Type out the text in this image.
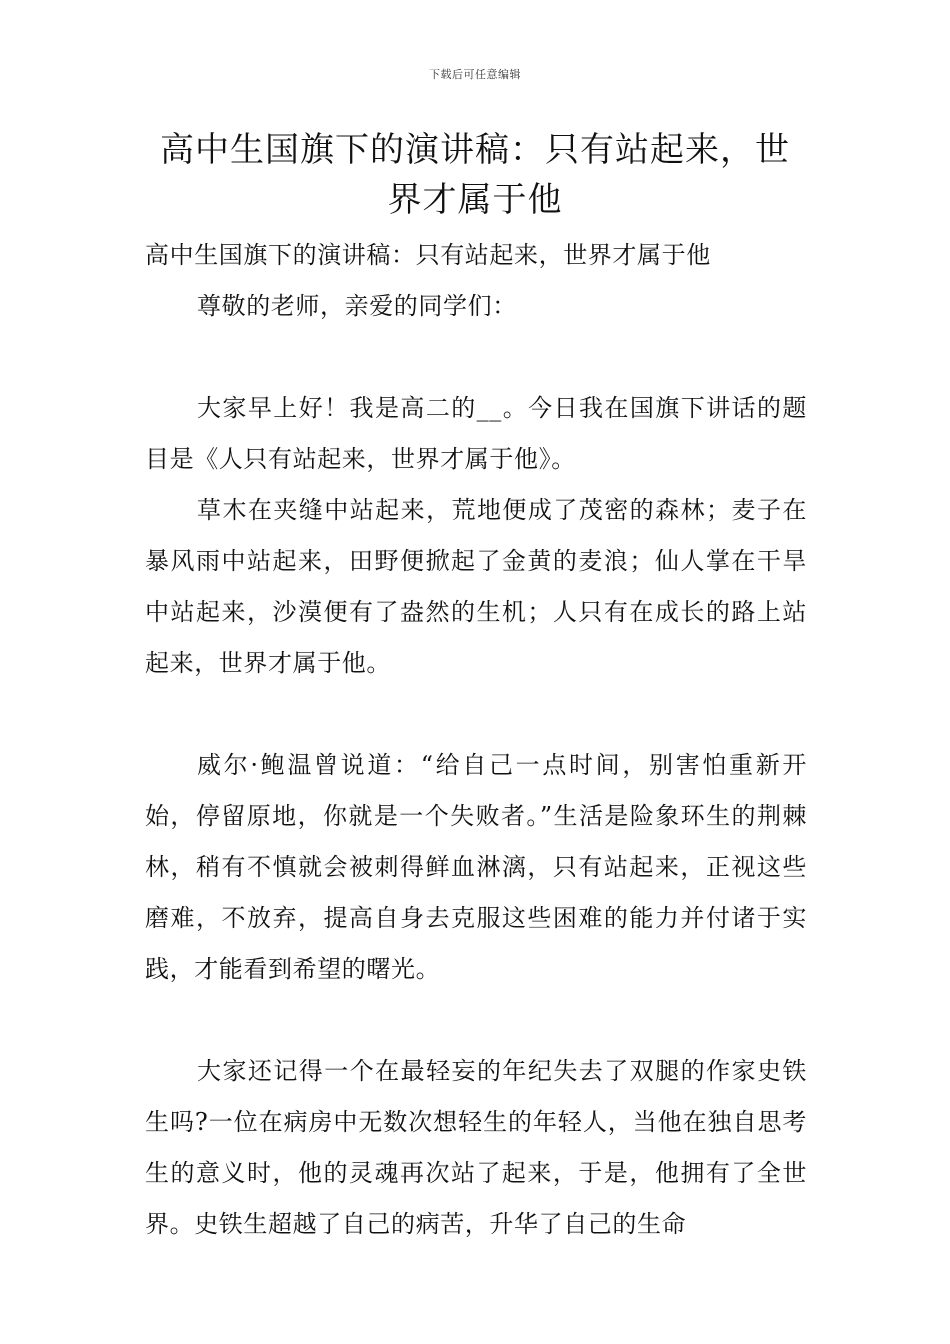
下载后可任意编辑
高中生国旗下的演讲稿：只有站起来，世界才属于他

高中生国旗下的演讲稿：只有站起来，世界才属于他

尊敬的老师，亲爱的同学们：

大家早上好！我是高二的__。今日我在国旗下讲话的题目是《人只有站起来，世界才属于他》。

草木在夹缝中站起来，荒地便成了茂密的森林；麦子在暴风雨中站起来，田野便掀起了金黄的麦浪；仙人掌在干旱中站起来，沙漠便有了盎然的生机；人只有在成长的路上站起来，世界才属于他。

威尔·鲍温曾说道：“给自己一点时间，别害怕重新开始，停留原地，你就是一个失败者。”生活是险象环生的荆棘林，稍有不慎就会被刺得鲜血淋漓，只有站起来，正视这些磨难，不放弃，提高自身去克服这些困难的能力并付诸于实践，才能看到希望的曙光。

大家还记得一个在最轻妄的年纪失去了双腿的作家史铁生吗?一位在病房中无数次想轻生的年轻人，当他在独自思考生的意义时，他的灵魂再次站了起来，于是，他拥有了全世界。史铁生超越了自己的病苦，升华了自己的生命
